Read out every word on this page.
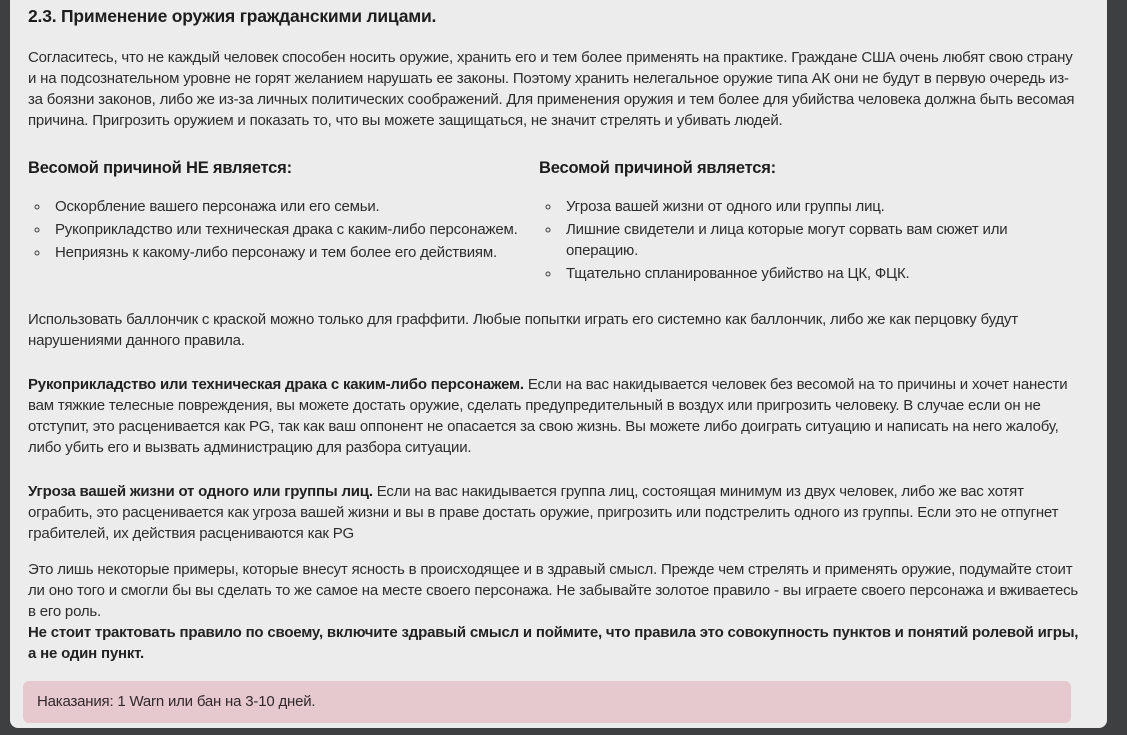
2.3. Применение оружия гражданскими лицами.

Согласитесь, что не каждый человек способен носить оружие, хранить его и тем более применять на практике. Граждане США очень любят свою страну и на подсознательном уровне не горят желанием нарушать ее законы. Поэтому хранить нелегальное оружие типа АК они не будут в первую очередь из-за боязни законов, либо же из-за личных политических соображений. Для применения оружия и тем более для убийства человека должна быть весомая причина. Пригрозить оружием и показать то, что вы можете защищаться, не значит стрелять и убивать людей.

Весомой причиной НЕ является:
◦ Оскорбление вашего персонажа или его семьи.
◦ Рукоприкладство или техническая драка с каким-либо персонажем.
◦ Неприязнь к какому-либо персонажу и тем более его действиям.
Весомой причиной является:
◦ Угроза вашей жизни от одного или группы лиц.
◦ Лишние свидетели и лица которые могут сорвать вам сюжет или операцию.
◦ Тщательно спланированное убийство на ЦК, ФЦК.

Использовать баллончик с краской можно только для граффити. Любые попытки играть его системно как баллончик, либо же как перцовку будут нарушениями данного правила.

Рукоприкладство или техническая драка с каким-либо персонажем. Если на вас накидывается человек без весомой на то причины и хочет нанести вам тяжкие телесные повреждения, вы можете достать оружие, сделать предупредительный в воздух или пригрозить человеку. В случае если он не отступит, это расценивается как PG, так как ваш оппонент не опасается за свою жизнь. Вы можете либо доиграть ситуацию и написать на него жалобу, либо убить его и вызвать администрацию для разбора ситуации.

Угроза вашей жизни от одного или группы лиц. Если на вас накидывается группа лиц, состоящая минимум из двух человек, либо же вас хотят ограбить, это расценивается как угроза вашей жизни и вы в праве достать оружие, пригрозить или подстрелить одного из группы. Если это не отпугнет грабителей, их действия расцениваются как PG

Это лишь некоторые примеры, которые внесут ясность в происходящее и в здравый смысл. Прежде чем стрелять и применять оружие, подумайте стоит ли оно того и смогли бы вы сделать то же самое на месте своего персонажа. Не забывайте золотое правило - вы играете своего персонажа и вживаетесь в его роль.
Не стоит трактовать правило по своему, включите здравый смысл и поймите, что правила это совокупность пунктов и понятий ролевой игры, а не один пункт.
Наказания: 1 Warn или бан на 3-10 дней.
